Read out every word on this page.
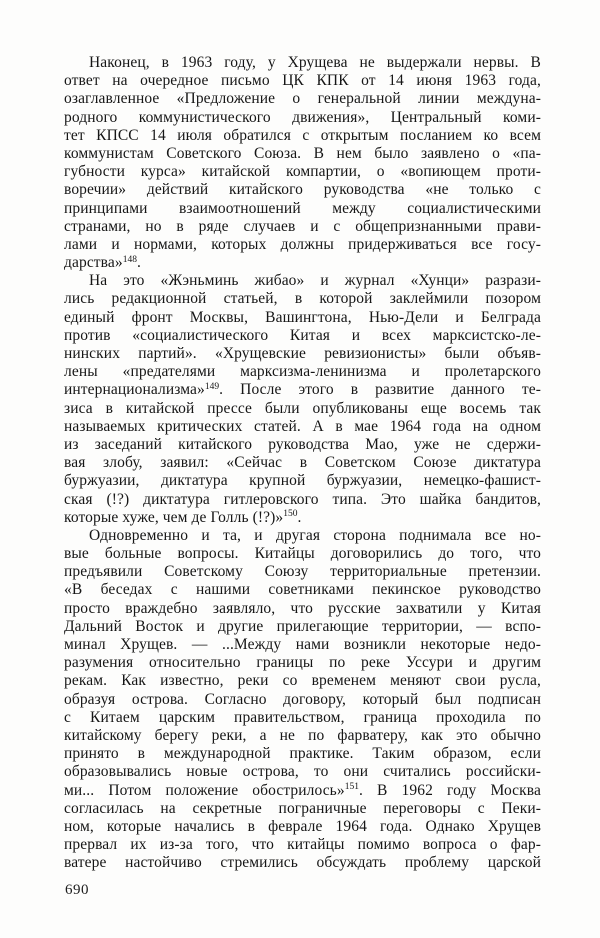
Наконец, в 1963 году, у Хрущева не выдержали нервы. В
ответ на очередное письмо ЦК КПК от 14 июня 1963 года,
озаглавленное «Предложение о генеральной линии междуна-
родного коммунистического движения», Центральный коми-
тет КПСС 14 июля обратился с открытым посланием ко всем
коммунистам Советского Союза. В нем было заявлено о «па-
губности курса» китайской компартии, о «вопиющем проти-
воречии» действий китайского руководства «не только с
принципами взаимоотношений между социалистическими
странами, но в ряде случаев и с общепризнанными прави-
лами и нормами, которых должны придерживаться все госу-
дарства»$^{148}$.
На это «Жэньминь жибао» и журнал «Хунци» разрази-
лись редакционной статьей, в которой заклеймили позором
единый фронт Москвы, Вашингтона, Нью-Дели и Белграда
против «социалистического Китая и всех марксистско-ле-
нинских партий». «Хрущевские ревизионисты» были объяв-
лены «предателями марксизма-ленинизма и пролетарского
интернационализма»$^{149}$. После этого в развитие данного те-
зиса в китайской прессе были опубликованы еще восемь так
называемых критических статей. А в мае 1964 года на одном
из заседаний китайского руководства Мао, уже не сдержи-
вая злобу, заявил: «Сейчас в Советском Союзе диктатура
буржуазии, диктатура крупной буржуазии, немецко-фашист-
ская (!?) диктатура гитлеровского типа. Это шайка бандитов,
которые хуже, чем де Голль (!?)»$^{150}$.
Одновременно и та, и другая сторона поднимала все но-
вые больные вопросы. Китайцы договорились до того, что
предъявили Советскому Союзу территориальные претензии.
«В беседах с нашими советниками пекинское руководство
просто враждебно заявляло, что русские захватили у Китая
Дальний Восток и другие прилегающие территории, — вспо-
минал Хрущев. — ...Между нами возникли некоторые недо-
разумения относительно границы по реке Уссури и другим
рекам. Как известно, реки со временем меняют свои русла,
образуя острова. Согласно договору, который был подписан
с Китаем царским правительством, граница проходила по
китайскому берегу реки, а не по фарватеру, как это обычно
принято в международной практике. Таким образом, если
образовывались новые острова, то они считались российски-
ми... Потом положение обострилось»$^{151}$. В 1962 году Москва
согласилась на секретные пограничные переговоры с Пеки-
ном, которые начались в феврале 1964 года. Однако Хрущев
прервал их из-за того, что китайцы помимо вопроса о фар-
ватере настойчиво стремились обсуждать проблему царской
690
